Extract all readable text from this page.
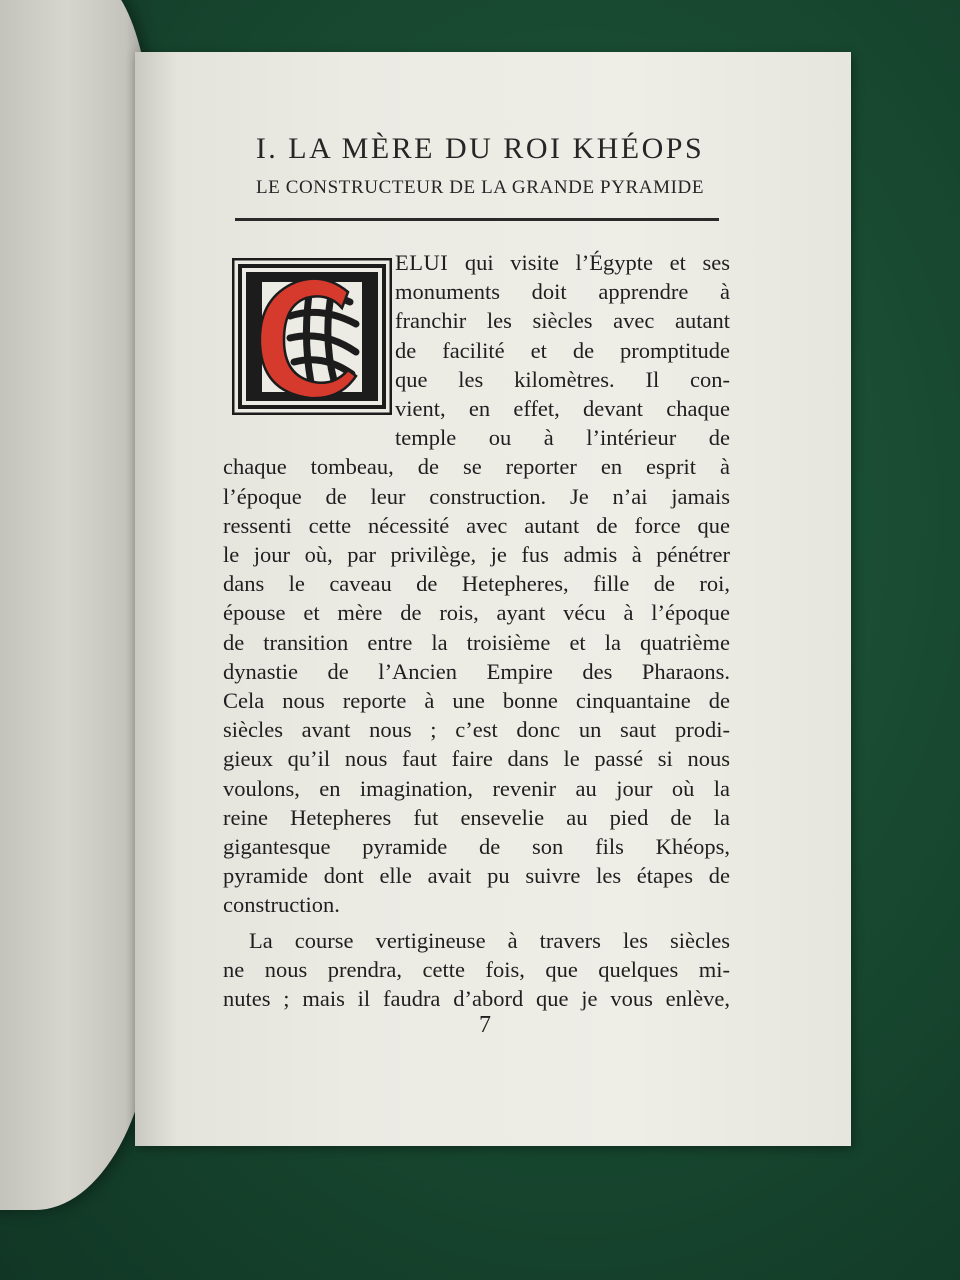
I. LA MÈRE DU ROI KHÉOPS
LE CONSTRUCTEUR DE LA GRANDE PYRAMIDE
ELUI qui visite l’Égypte et ses
monuments doit apprendre à
franchir les siècles avec autant
de facilité et de promptitude
que les kilomètres. Il con-
vient, en effet, devant chaque
temple ou à l’intérieur de
chaque tombeau, de se reporter en esprit à
l’époque de leur construction. Je n’ai jamais
ressenti cette nécessité avec autant de force que
le jour où, par privilège, je fus admis à pénétrer
dans le caveau de Hetepheres, fille de roi,
épouse et mère de rois, ayant vécu à l’époque
de transition entre la troisième et la quatrième
dynastie de l’Ancien Empire des Pharaons.
Cela nous reporte à une bonne cinquantaine de
siècles avant nous ; c’est donc un saut prodi-
gieux qu’il nous faut faire dans le passé si nous
voulons, en imagination, revenir au jour où la
reine Hetepheres fut ensevelie au pied de la
gigantesque pyramide de son fils Khéops,
pyramide dont elle avait pu suivre les étapes de
construction.
La course vertigineuse à travers les siècles
ne nous prendra, cette fois, que quelques mi-
nutes ; mais il faudra d’abord que je vous enlève,
7
